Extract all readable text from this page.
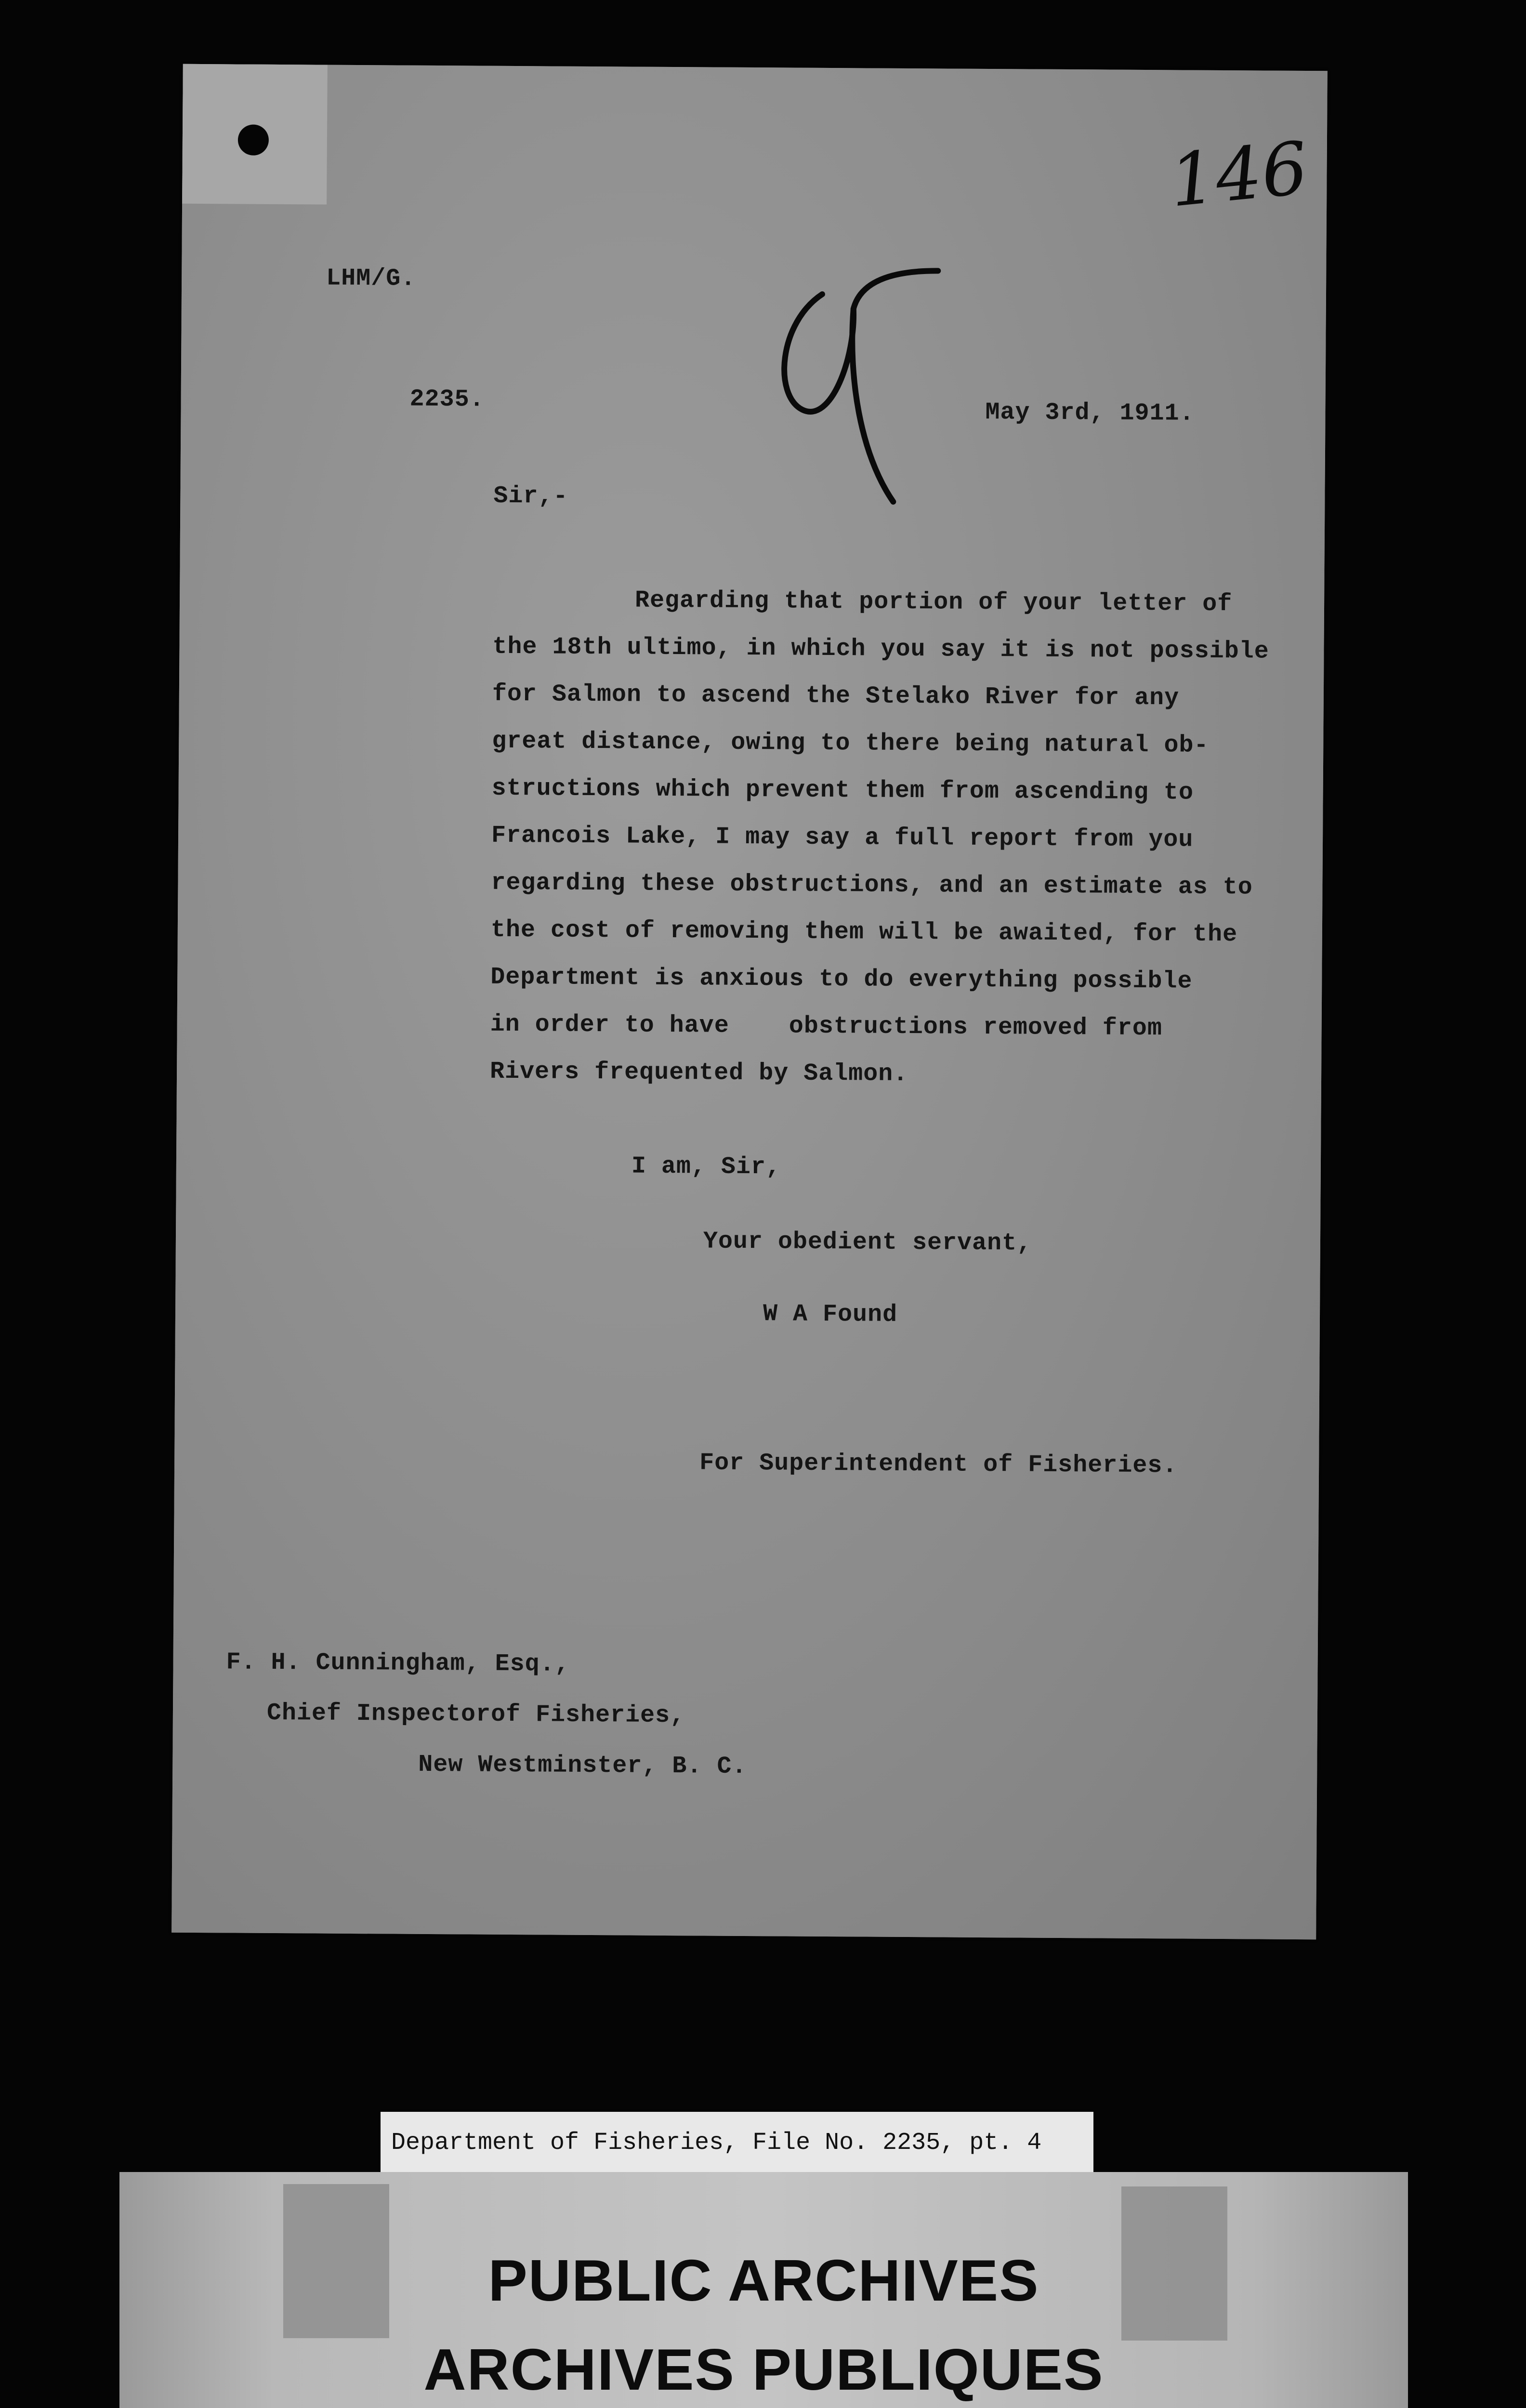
146

LHM/G.

2235.	May 3rd, 1911.

Sir,-

Regarding that portion of your letter of

the 18th ultimo, in which you say it is not possible

for Salmon to ascend the Stelako River for any

great distance, owing to there being natural ob-

structions which prevent them from ascending to

Francois Lake, I may say a full report from you

regarding these obstructions, and an estimate as to

the cost of removing them will be awaited, for the

Department is anxious to do everything possible

in order to have    obstructions removed from

Rivers frequented by Salmon.

I am, Sir,

Your obedient servant,

W A Found

For Superintendent of Fisheries.

F. H. Cunningham, Esq.,

Chief Inspectorof Fisheries,

New Westminster, B. C.

Department of Fisheries, File No. 2235, pt. 4
PUBLIC ARCHIVES
ARCHIVES PUBLIQUES
